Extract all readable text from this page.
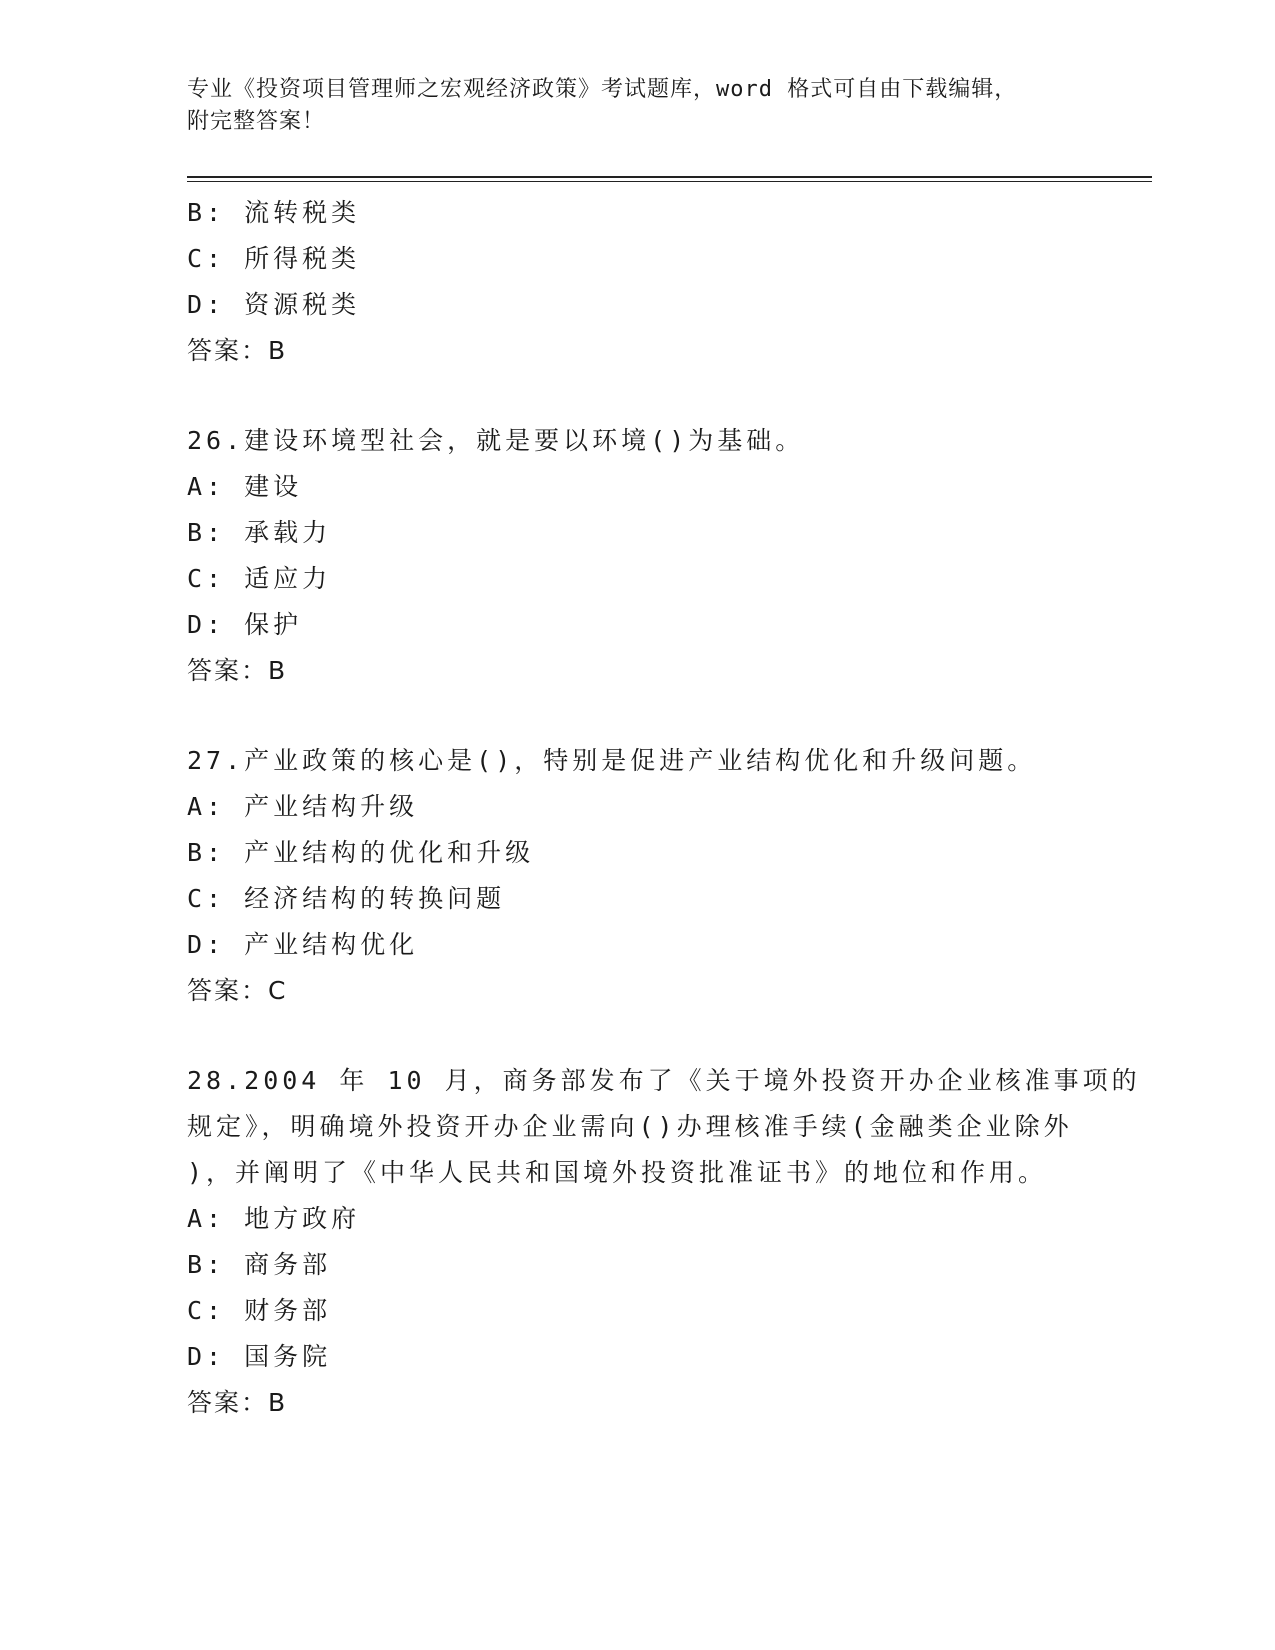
专业《投资项目管理师之宏观经济政策》考试题库，word 格式可自由下载编辑，
附完整答案！
B: 流转税类
C: 所得税类
D: 资源税类
答案：B
26.建设环境型社会，就是要以环境()为基础。
A: 建设
B: 承载力
C: 适应力
D: 保护
答案：B
27.产业政策的核心是()，特别是促进产业结构优化和升级问题。
A: 产业结构升级
B: 产业结构的优化和升级
C: 经济结构的转换问题
D: 产业结构优化
答案：C
28.2004 年 10 月，商务部发布了《关于境外投资开办企业核准事项的
规定》，明确境外投资开办企业需向()办理核准手续(金融类企业除外
)，并阐明了《中华人民共和国境外投资批准证书》的地位和作用。
A: 地方政府
B: 商务部
C: 财务部
D: 国务院
答案：B
